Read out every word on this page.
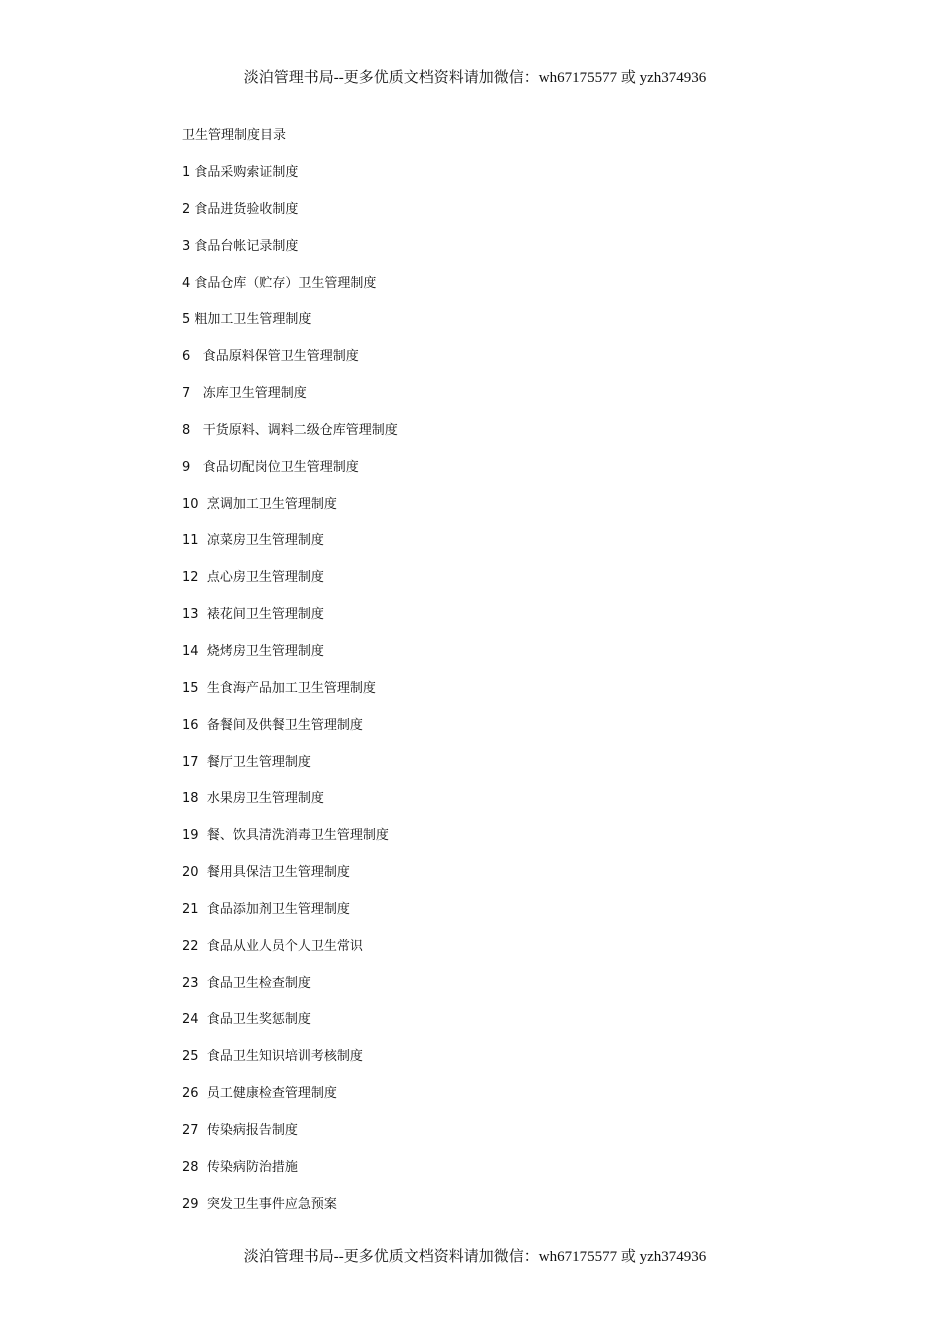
淡泊管理书局--更多优质文档资料请加微信：wh67175577 或 yzh374936
卫生管理制度目录
1 食品采购索证制度
2 食品进货验收制度
3 食品台帐记录制度
4 食品仓库（贮存）卫生管理制度
5 粗加工卫生管理制度
6 食品原料保管卫生管理制度
7 冻库卫生管理制度
8 干货原料、调料二级仓库管理制度
9 食品切配岗位卫生管理制度
10 烹调加工卫生管理制度
11 凉菜房卫生管理制度
12 点心房卫生管理制度
13 裱花间卫生管理制度
14 烧烤房卫生管理制度
15 生食海产品加工卫生管理制度
16 备餐间及供餐卫生管理制度
17 餐厅卫生管理制度
18 水果房卫生管理制度
19 餐、饮具清洗消毒卫生管理制度
20 餐用具保洁卫生管理制度
21 食品添加剂卫生管理制度
22 食品从业人员个人卫生常识
23 食品卫生检查制度
24 食品卫生奖惩制度
25 食品卫生知识培训考核制度
26 员工健康检查管理制度
27 传染病报告制度
28 传染病防治措施
29 突发卫生事件应急预案
淡泊管理书局--更多优质文档资料请加微信：wh67175577 或 yzh374936
